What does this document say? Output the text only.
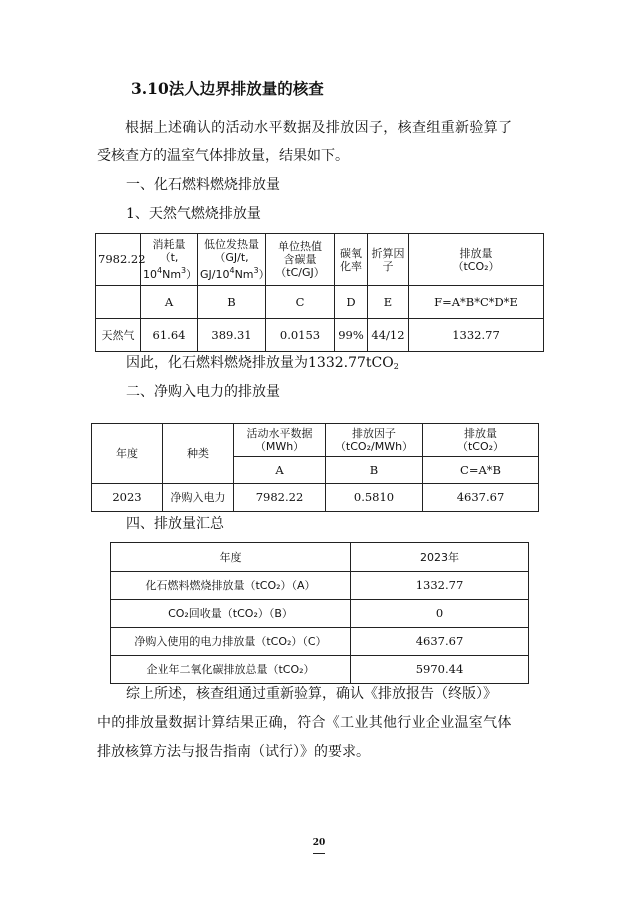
3.10法人边界排放量的核查
根据上述确认的活动水平数据及排放因子，核查组重新验算了
受核查方的温室气体排放量，结果如下。
一、化石燃料燃烧排放量
1、天然气燃烧排放量
7982.22	消耗量
（t,
$10^4Nm^3$）	低位发热量
（GJ/t,
$GJ/10^4Nm^3$）	单位热值
含碳量
（tC/GJ）	碳氧
化率	折算因
子	排放量
（tCO₂）
	A	B	C	D	E	F=A*B*C*D*E
天然气	61.64	389.31	0.0153	99%	44/12	1332.77
因此，化石燃料燃烧排放量为1332.77tCO$_2$
二、净购入电力的排放量
年度	种类	活动水平数据
（MWh）	排放因子
（tCO₂/MWh）	排放量
（tCO₂）
		A	B	C=A*B
2023	净购入电力	7982.22	0.5810	4637.67
四、排放量汇总
年度	2023年
化石燃料燃烧排放量（tCO₂）（A）	1332.77
CO₂回收量（tCO₂）（B）	0
净购入使用的电力排放量（tCO₂）（C）	4637.67
企业年二氧化碳排放总量（tCO₂）	5970.44
综上所述，核查组通过重新验算，确认《排放报告（终版）》
中的排放量数据计算结果正确，符合《工业其他行业企业温室气体
排放核算方法与报告指南（试行）》的要求。
20
